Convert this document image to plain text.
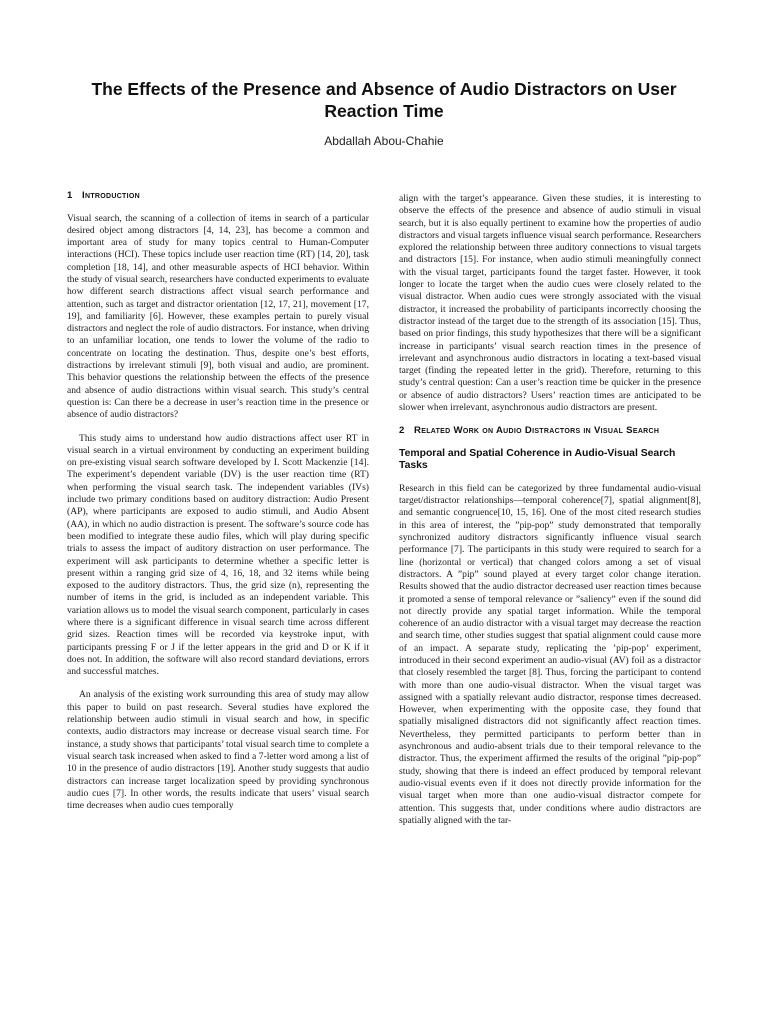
The Effects of the Presence and Absence of Audio Distractors on User Reaction Time
Abdallah Abou-Chahie
1 Introduction

Visual search, the scanning of a collection of items in search of a particular desired object among distractors [4, 14, 23], has become a common and important area of study for many topics central to Human-Computer interactions (HCI). These topics include user reaction time (RT) [14, 20], task completion [18, 14], and other measurable aspects of HCI behavior. Within the study of visual search, researchers have conducted experiments to evaluate how different search distractions affect visual search performance and attention, such as target and distractor orientation [12, 17, 21], movement [17, 19], and familiarity [6]. However, these examples pertain to purely visual distractors and neglect the role of audio distractors. For instance, when driving to an unfamiliar location, one tends to lower the volume of the radio to concentrate on locating the destination. Thus, despite one’s best efforts, distractions by irrelevant stimuli [9], both visual and audio, are prominent. This behavior questions the relationship between the effects of the presence and absence of audio distractions within visual search. This study’s central question is: Can there be a decrease in user’s reaction time in the presence or absence of audio distractors?

This study aims to understand how audio distractions affect user RT in visual search in a virtual environment by conducting an experiment building on pre-existing visual search software developed by I. Scott Mackenzie [14]. The experiment’s dependent variable (DV) is the user reaction time (RT) when performing the visual search task. The independent variables (IVs) include two primary conditions based on auditory distraction: Audio Present (AP), where participants are exposed to audio stimuli, and Audio Absent (AA), in which no audio distraction is present. The software’s source code has been modified to integrate these audio files, which will play during specific trials to assess the impact of auditory distraction on user performance. The experiment will ask participants to determine whether a specific letter is present within a ranging grid size of 4, 16, 18, and 32 items while being exposed to the auditory distractors. Thus, the grid size (n), representing the number of items in the grid, is included as an independent variable. This variation allows us to model the visual search component, particularly in cases where there is a significant difference in visual search time across different grid sizes. Reaction times will be recorded via keystroke input, with participants pressing F or J if the letter appears in the grid and D or K if it does not. In addition, the software will also record standard deviations, errors and successful matches.

An analysis of the existing work surrounding this area of study may allow this paper to build on past research. Several studies have explored the relationship between audio stimuli in visual search and how, in specific contexts, audio distractors may increase or decrease visual search time. For instance, a study shows that participants’ total visual search time to complete a visual search task increased when asked to find a 7-letter word among a list of 10 in the presence of audio distractors [19]. Another study suggests that audio distractors can increase target localization speed by providing synchronous audio cues [7]. In other words, the results indicate that users’ visual search time decreases when audio cues temporally

align with the target’s appearance. Given these studies, it is interesting to observe the effects of the presence and absence of audio stimuli in visual search, but it is also equally pertinent to examine how the properties of audio distractors and visual targets influence visual search performance. Researchers explored the relationship between three auditory connections to visual targets and distractors [15]. For instance, when audio stimuli meaningfully connect with the visual target, participants found the target faster. However, it took longer to locate the target when the audio cues were closely related to the visual distractor. When audio cues were strongly associated with the visual distractor, it increased the probability of participants incorrectly choosing the distractor instead of the target due to the strength of its association [15]. Thus, based on prior findings, this study hypothesizes that there will be a significant increase in participants’ visual search reaction times in the presence of irrelevant and asynchronous audio distractors in locating a text-based visual target (finding the repeated letter in the grid). Therefore, returning to this study’s central question: Can a user’s reaction time be quicker in the presence or absence of audio distractors? Users’ reaction times are anticipated to be slower when irrelevant, asynchronous audio distractors are present.

2 Related Work on Audio Distractors in Visual Search
Temporal and Spatial Coherence in Audio-Visual Search Tasks

Research in this field can be categorized by three fundamental audio-visual target/distractor relationships—temporal coherence[7], spatial alignment[8], and semantic congruence[10, 15, 16]. One of the most cited research studies in this area of interest, the ”pip-pop” study demonstrated that temporally synchronized auditory distractors significantly influence visual search performance [7]. The participants in this study were required to search for a line (horizontal or vertical) that changed colors among a set of visual distractors. A ”pip” sound played at every target color change iteration. Results showed that the audio distractor decreased user reaction times because it promoted a sense of temporal relevance or ”saliency” even if the sound did not directly provide any spatial target information. While the temporal coherence of an audio distractor with a visual target may decrease the reaction and search time, other studies suggest that spatial alignment could cause more of an impact. A separate study, replicating the ’pip-pop’ experiment, introduced in their second experiment an audio-visual (AV) foil as a distractor that closely resembled the target [8]. Thus, forcing the participant to contend with more than one audio-visual distractor. When the visual target was assigned with a spatially relevant audio distractor, response times decreased. However, when experimenting with the opposite case, they found that spatially misaligned distractors did not significantly affect reaction times. Nevertheless, they permitted participants to perform better than in asynchronous and audio-absent trials due to their temporal relevance to the distractor. Thus, the experiment affirmed the results of the original ”pip-pop” study, showing that there is indeed an effect produced by temporal relevant audio-visual events even if it does not directly provide information for the visual target when more than one audio-visual distractor compete for attention. This suggests that, under conditions where audio distractors are spatially aligned with the tar-
